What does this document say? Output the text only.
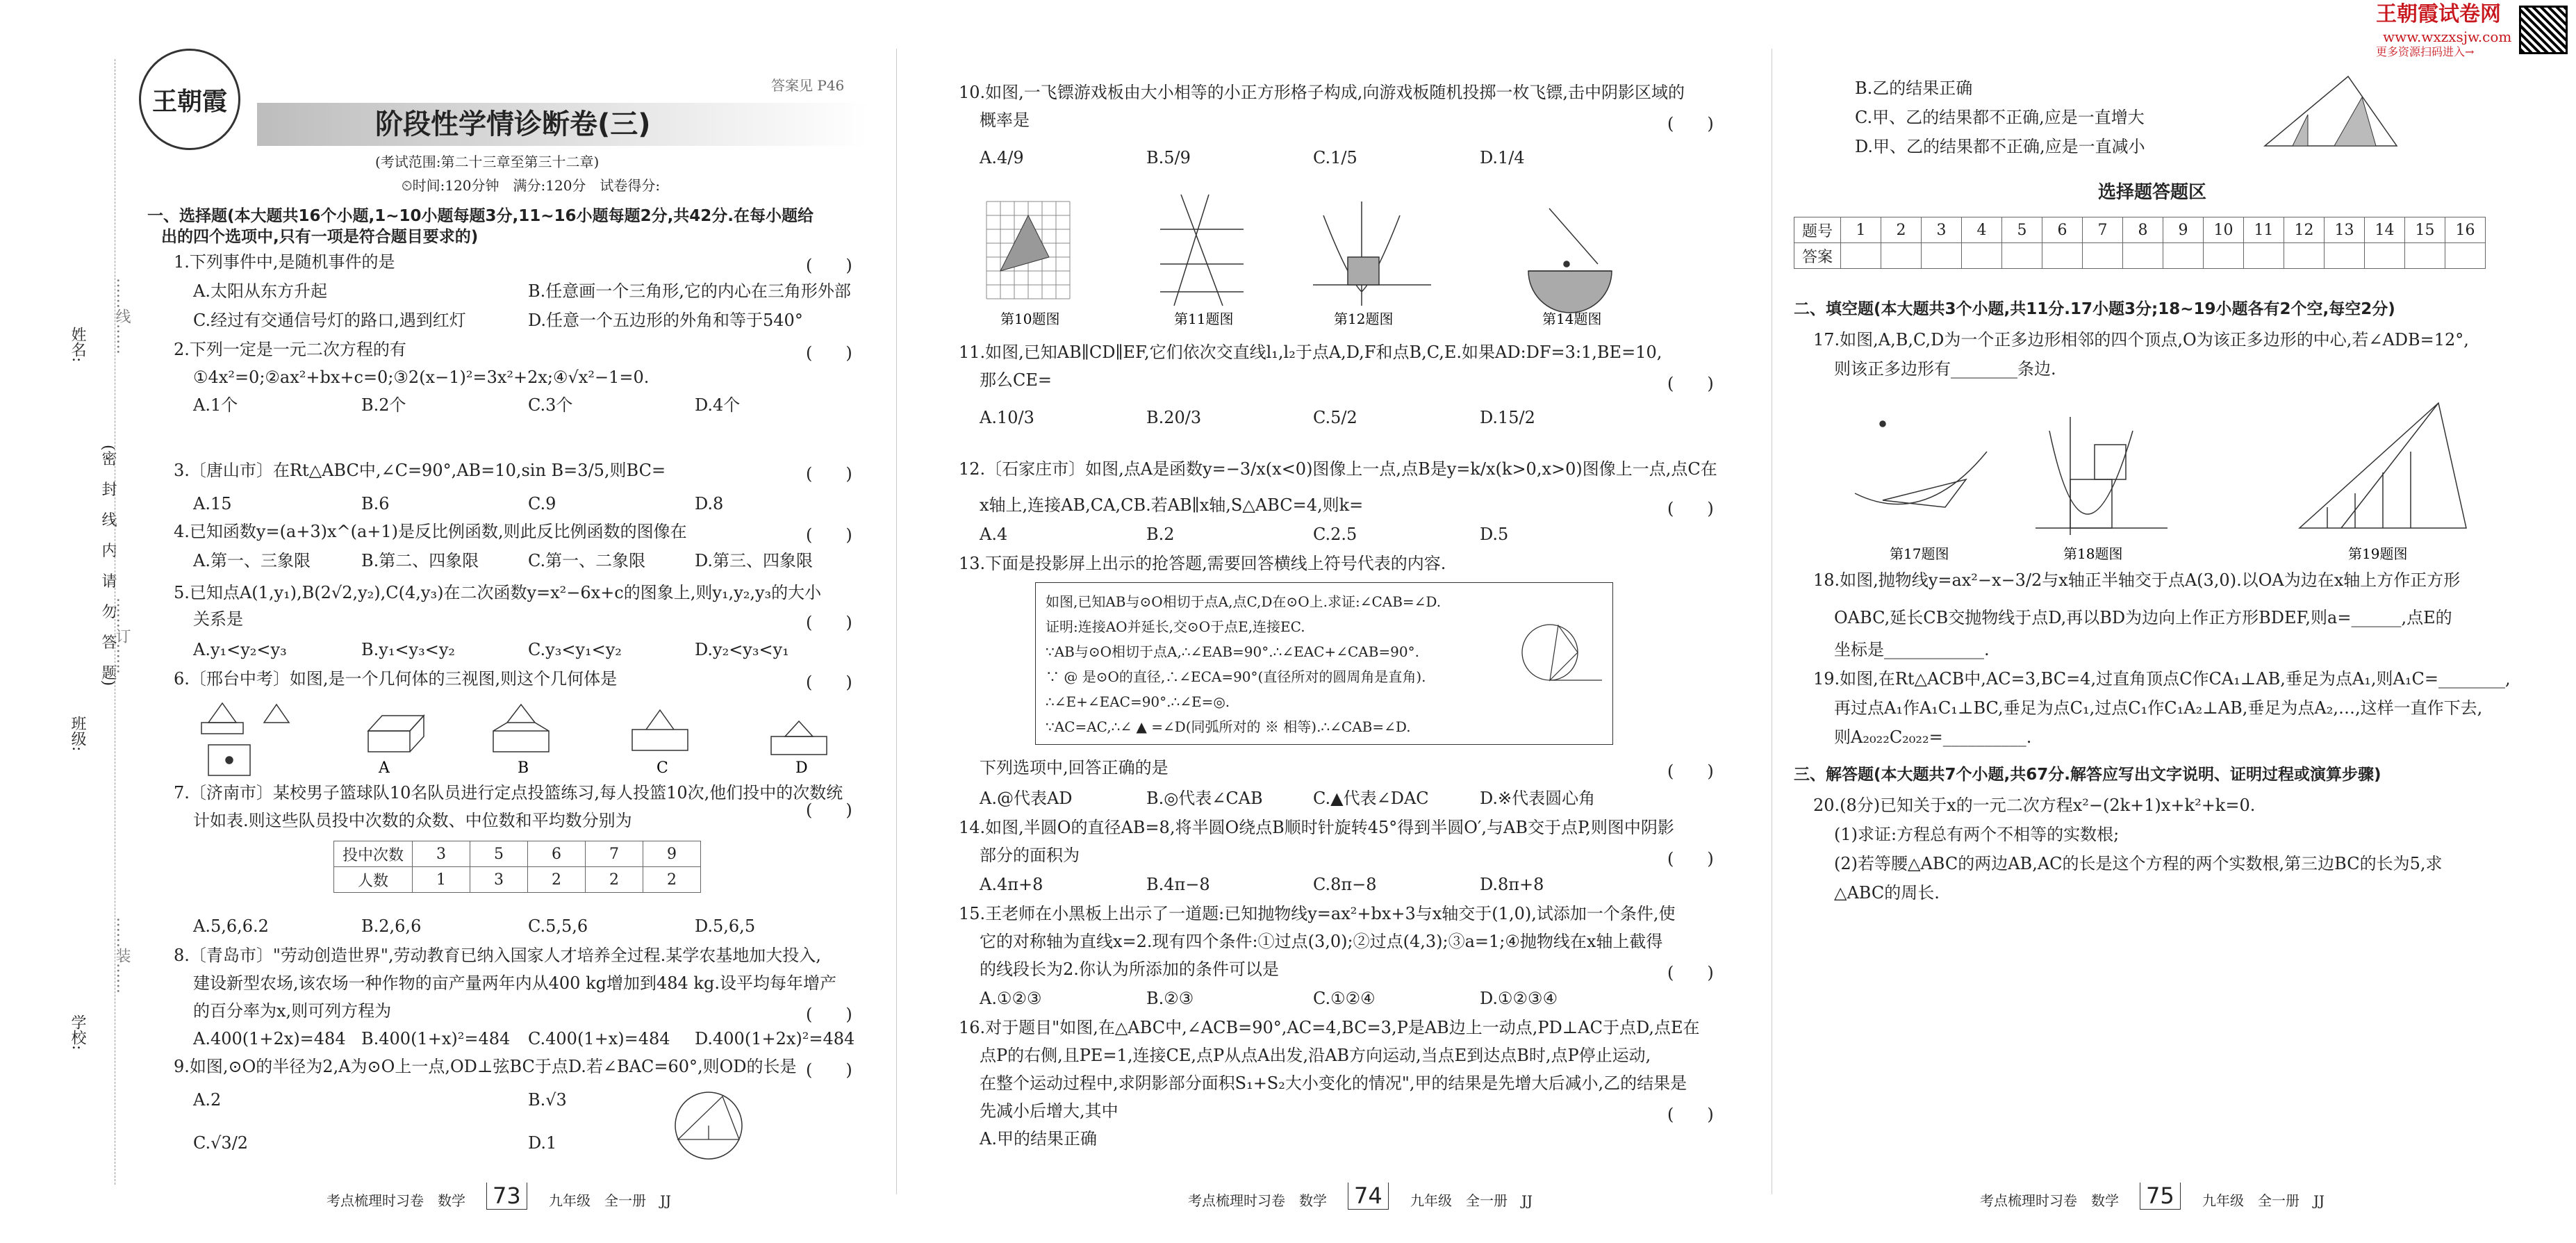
姓名:
班级:
学校:
(密　封　线　内　请　勿　答　题)
……线……
……订……
……装……
王朝霞
答案见 P46
阶段性学情诊断卷(三)
(考试范围:第二十三章至第三十二章)
⏲时间:120分钟　满分:120分　试卷得分:
一、选择题(本大题共16个小题,1~10小题每题3分,11~16小题每题2分,共42分.在每小题给
出的四个选项中,只有一项是符合题目要求的)
1.下列事件中,是随机事件的是	(　　)
A.太阳从东方升起	B.任意画一个三角形,它的内心在三角形外部
C.经过有交通信号灯的路口,遇到红灯	D.任意一个五边形的外角和等于540°
2.下列一定是一元二次方程的有	(　　)
①4x²=0;②ax²+bx+c=0;③2(x−1)²=3x²+2x;④√x²−1=0.
A.1个	B.2个	C.3个	D.4个
3.〔唐山市〕在Rt△ABC中,∠C=90°,AB=10,sin B=3/5,则BC=	(　　)
A.15	B.6	C.9	D.8
4.已知函数y=(a+3)x^(a+1)是反比例函数,则此反比例函数的图像在	(　　)
A.第一、三象限	B.第二、四象限	C.第一、二象限	D.第三、四象限
5.已知点A(1,y₁),B(2√2,y₂),C(4,y₃)在二次函数y=x²−6x+c的图象上,则y₁,y₂,y₃的大小
关系是	(　　)
A.y₁<y₂<y₃	B.y₁<y₃<y₂	C.y₃<y₁<y₂	D.y₂<y₃<y₁
6.〔邢台中考〕如图,是一个几何体的三视图,则这个几何体是	(　　)
A	B	C	D
7.〔济南市〕某校男子篮球队10名队员进行定点投篮练习,每人投篮10次,他们投中的次数统
(　　)
计如表.则这些队员投中次数的众数、中位数和平均数分别为
投中次数	3	5	6	7	9
人数	1	3	2	2	2
A.5,6,6.2	B.2,6,6	C.5,5,6	D.5,6,5
8.〔青岛市〕"劳动创造世界",劳动教育已纳入国家人才培养全过程.某学农基地加大投入,
建设新型农场,该农场一种作物的亩产量两年内从400 kg增加到484 kg.设平均每年增产
的百分率为x,则可列方程为	(　　)
A.400(1+2x)=484 B.400(1+x)²=484 C.400(1+x)=484 D.400(1+2x)²=484
9.如图,⊙O的半径为2,A为⊙O上一点,OD⊥弦BC于点D.若∠BAC=60°,则OD的长是 (　　)
A.2	B.√3
C.√3/2	D.1
考点梳理时习卷　数学 73	九年级　全一册　JJ
10.如图,一飞镖游戏板由大小相等的小正方形格子构成,向游戏板随机投掷一枚飞镖,击中阴影区域的
概率是	(　　)
A.4/9	B.5/9	C.1/5	D.1/4
第10题图	第11题图	第12题图	第14题图
11.如图,已知AB∥CD∥EF,它们依次交直线l₁,l₂于点A,D,F和点B,C,E.如果AD:DF=3:1,BE=10,
那么CE=	(　　)
A.10/3	B.20/3	C.5/2	D.15/2
12.〔石家庄市〕如图,点A是函数y=−3/x(x<0)图像上一点,点B是y=k/x(k>0,x>0)图像上一点,点C在
x轴上,连接AB,CA,CB.若AB∥x轴,S△ABC=4,则k=	(　　)
A.4	B.2	C.2.5	D.5
13.下面是投影屏上出示的抢答题,需要回答横线上符号代表的内容.
如图,已知AB与⊙O相切于点A,点C,D在⊙O上.求证:∠CAB=∠D.
证明:连接AO并延长,交⊙O于点E,连接EC.
∵AB与⊙O相切于点A,∴∠EAB=90°.∴∠EAC+∠CAB=90°.
∵ @ 是⊙O的直径,∴∠ECA=90°(直径所对的圆周角是直角).
∴∠E+∠EAC=90°.∴∠E=◎.
∵AC=AC,∴∠ ▲ =∠D(同弧所对的 ※ 相等).∴∠CAB=∠D.
下列选项中,回答正确的是	(　　)
A.@代表AD	B.◎代表∠CAB	C.▲代表∠DAC	D.※代表圆心角
14.如图,半圆O的直径AB=8,将半圆O绕点B顺时针旋转45°得到半圆O′,与AB交于点P,则图中阴影
部分的面积为	(　　)
A.4π+8	B.4π−8	C.8π−8	D.8π+8
15.王老师在小黑板上出示了一道题:已知抛物线y=ax²+bx+3与x轴交于(1,0),试添加一个条件,使
它的对称轴为直线x=2.现有四个条件:①过点(3,0);②过点(4,3);③a=1;④抛物线在x轴上截得
的线段长为2.你认为所添加的条件可以是	(　　)
A.①②③	B.②③	C.①②④	D.①②③④
16.对于题目"如图,在△ABC中,∠ACB=90°,AC=4,BC=3,P是AB边上一动点,PD⊥AC于点D,点E在
点P的右侧,且PE=1,连接CE,点P从点A出发,沿AB方向运动,当点E到达点B时,点P停止运动,
在整个运动过程中,求阴影部分面积S₁+S₂大小变化的情况",甲的结果是先增大后减小,乙的结果是
先减小后增大,其中	(　　)
A.甲的结果正确
考点梳理时习卷　数学 74	九年级　全一册　JJ
王朝霞试卷网
www.wxzxsjw.com
更多资源扫码进入→
B.乙的结果正确
C.甲、乙的结果都不正确,应是一直增大
D.甲、乙的结果都不正确,应是一直减小
选择题答题区
题号	1	2	3	4	5	6	7	8	9	10	11	12	13	14	15	16
答案																
二、填空题(本大题共3个小题,共11分.17小题3分;18~19小题各有2个空,每空2分)
17.如图,A,B,C,D为一个正多边形相邻的四个顶点,O为该正多边形的中心,若∠ADB=12°,
则该正多边形有________条边.
第17题图	第18题图	第19题图
18.如图,抛物线y=ax²−x−3/2与x轴正半轴交于点A(3,0).以OA为边在x轴上方作正方形
OABC,延长CB交抛物线于点D,再以BD为边向上作正方形BDEF,则a=______,点E的
坐标是____________.
19.如图,在Rt△ACB中,AC=3,BC=4,过直角顶点C作CA₁⊥AB,垂足为点A₁,则A₁C=________,
再过点A₁作A₁C₁⊥BC,垂足为点C₁,过点C₁作C₁A₂⊥AB,垂足为点A₂,…,这样一直作下去,
则A₂₀₂₂C₂₀₂₂=__________.
三、解答题(本大题共7个小题,共67分.解答应写出文字说明、证明过程或演算步骤)
20.(8分)已知关于x的一元二次方程x²−(2k+1)x+k²+k=0.
(1)求证:方程总有两个不相等的实数根;
(2)若等腰△ABC的两边AB,AC的长是这个方程的两个实数根,第三边BC的长为5,求
△ABC的周长.
考点梳理时习卷　数学 75	九年级　全一册　JJ
